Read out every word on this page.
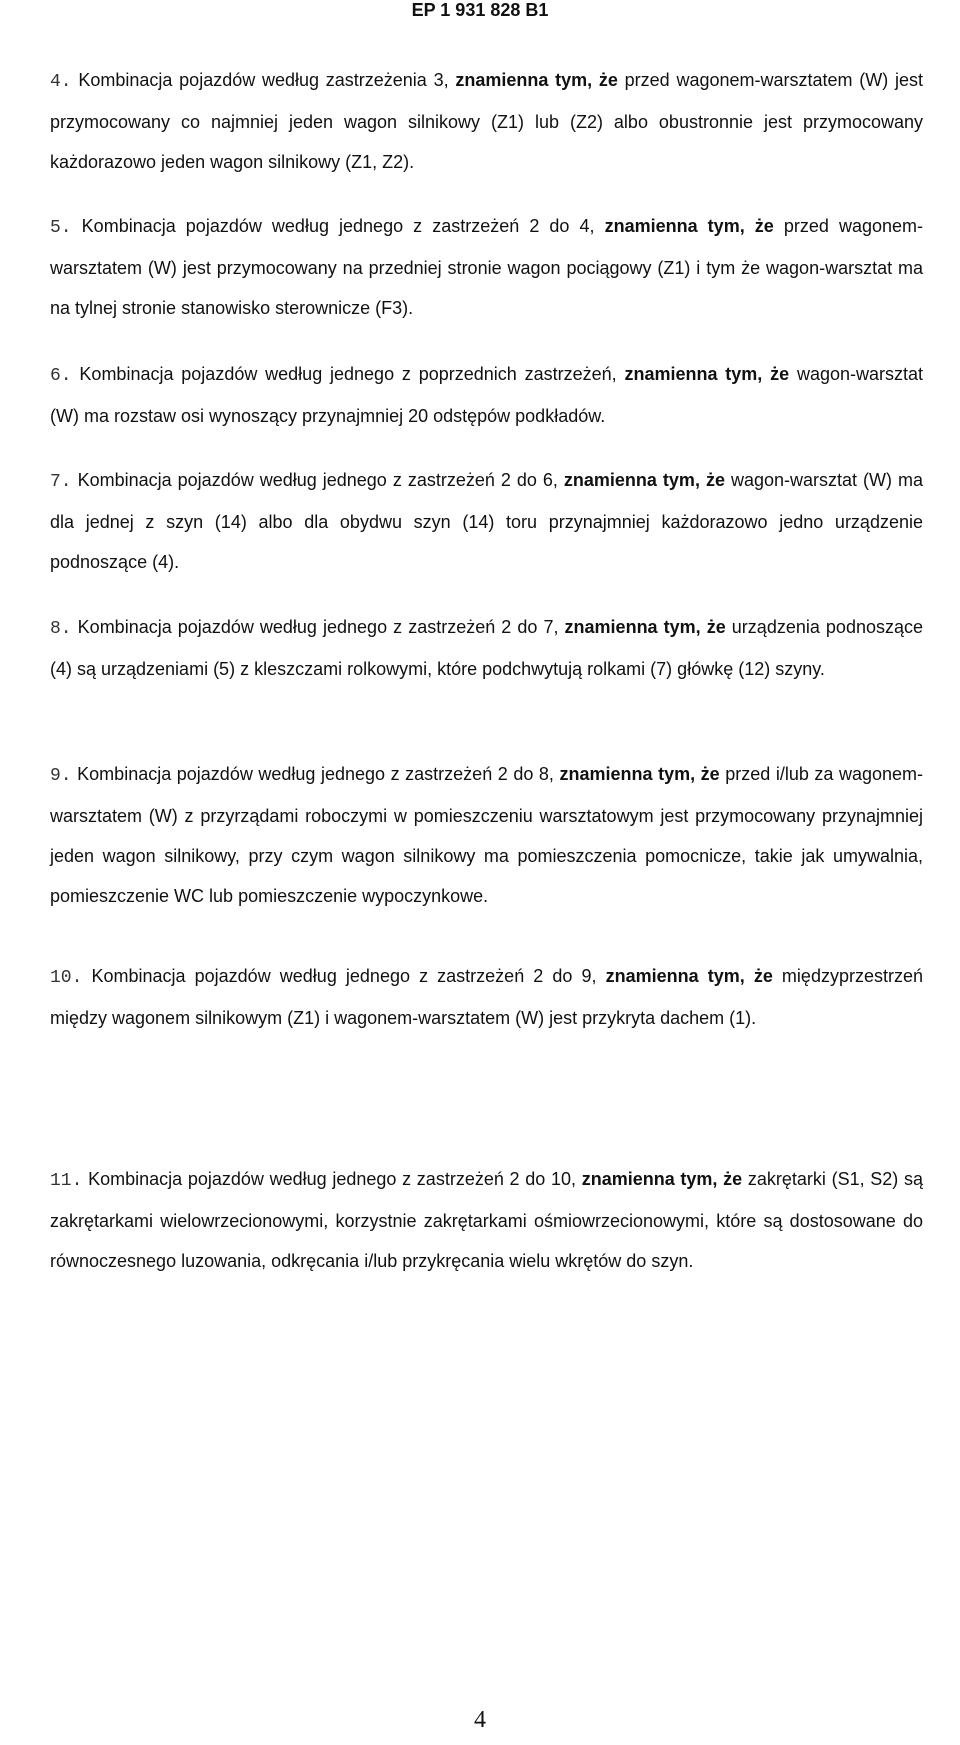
EP 1 931 828 B1
4. Kombinacja pojazdów według zastrzeżenia 3, znamienna tym, że przed wagonem-warsztatem (W) jest przymocowany co najmniej jeden wagon silnikowy (Z1) lub (Z2) albo obustronnie jest przymocowany każdorazowo jeden wagon silnikowy (Z1, Z2).
5. Kombinacja pojazdów według jednego z zastrzeżeń 2 do 4, znamienna tym, że przed wagonem-warsztatem (W) jest przymocowany na przedniej stronie wagon pociągowy (Z1) i tym że wagon-warsztat ma na tylnej stronie stanowisko sterownicze (F3).
6. Kombinacja pojazdów według jednego z poprzednich zastrzeżeń, znamienna tym, że wagon-warsztat (W) ma rozstaw osi wynoszący przynajmniej 20 odstępów podkładów.
7. Kombinacja pojazdów według jednego z zastrzeżeń 2 do 6, znamienna tym, że wagon-warsztat (W) ma dla jednej z szyn (14) albo dla obydwu szyn (14) toru przynajmniej każdorazowo jedno urządzenie podnoszące (4).
8. Kombinacja pojazdów według jednego z zastrzeżeń 2 do 7, znamienna tym, że urządzenia podnoszące (4) są urządzeniami (5) z kleszczami rolkowymi, które podchwytują rolkami (7) główkę (12) szyny.
9. Kombinacja pojazdów według jednego z zastrzeżeń 2 do 8, znamienna tym, że przed i/lub za wagonem-warsztatem (W) z przyrządami roboczymi w pomieszczeniu warsztatowym jest przymocowany przynajmniej jeden wagon silnikowy, przy czym wagon silnikowy ma pomieszczenia pomocnicze, takie jak umywalnia, pomieszczenie WC lub pomieszczenie wypoczynkowe.
10. Kombinacja pojazdów według jednego z zastrzeżeń 2 do 9, znamienna tym, że międzyprzestrzeń między wagonem silnikowym (Z1) i wagonem-warsztatem (W) jest przykryta dachem (1).
11. Kombinacja pojazdów według jednego z zastrzeżeń 2 do 10, znamienna tym, że zakrętarki (S1, S2) są zakrętarkami wielowrzecionowymi, korzystnie zakrętarkami ośmiowrzecionowymi, które są dostosowane do równoczesnego luzowania, odkręcania i/lub przykręcania wielu wkrętów do szyn.
4
